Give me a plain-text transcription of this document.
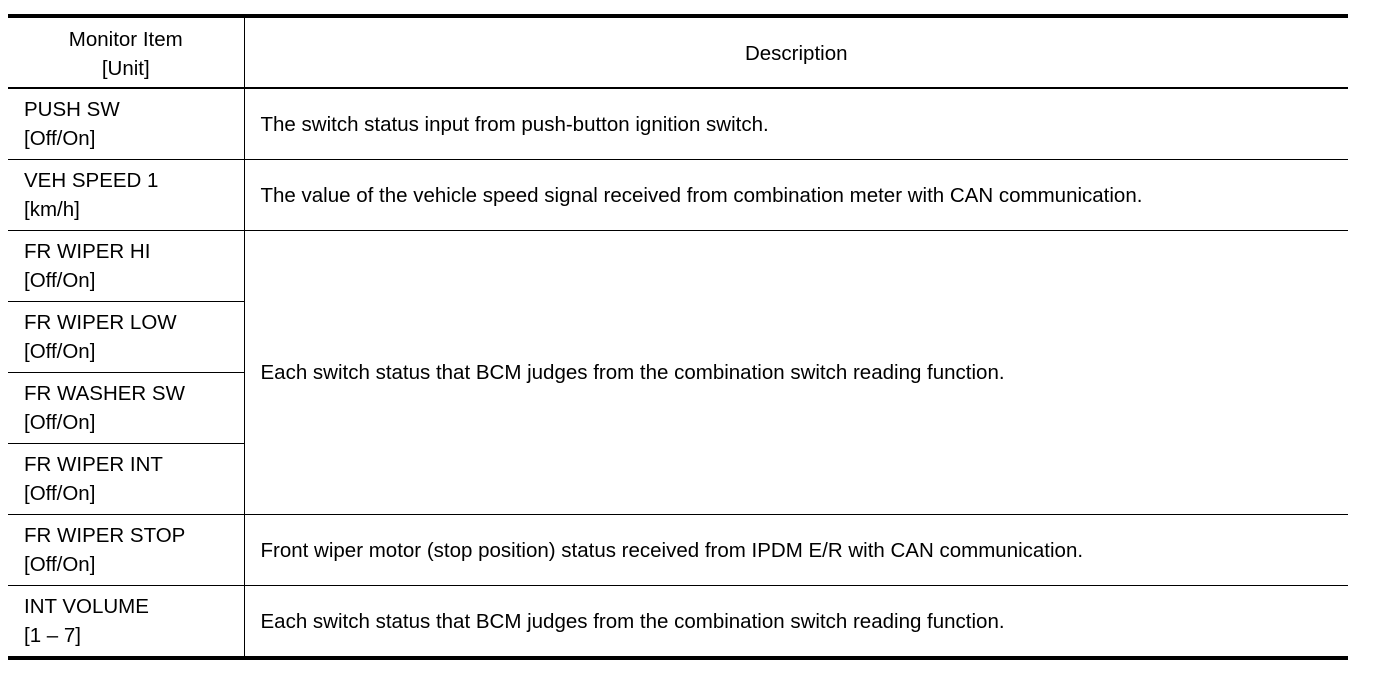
Monitor Item
[Unit]	Description

PUSH SW
[Off/On]	The switch status input from push-button ignition switch.

VEH SPEED 1
[km/h]	The value of the vehicle speed signal received from combination meter with CAN communication.

FR WIPER HI
[Off/On]	Each switch status that BCM judges from the combination switch reading function.

FR WIPER LOW
[Off/On]	

FR WASHER SW
[Off/On]	

FR WIPER INT
[Off/On]	

FR WIPER STOP
[Off/On]	Front wiper motor (stop position) status received from IPDM E/R with CAN communication.

INT VOLUME
[1 – 7]	Each switch status that BCM judges from the combination switch reading function.
